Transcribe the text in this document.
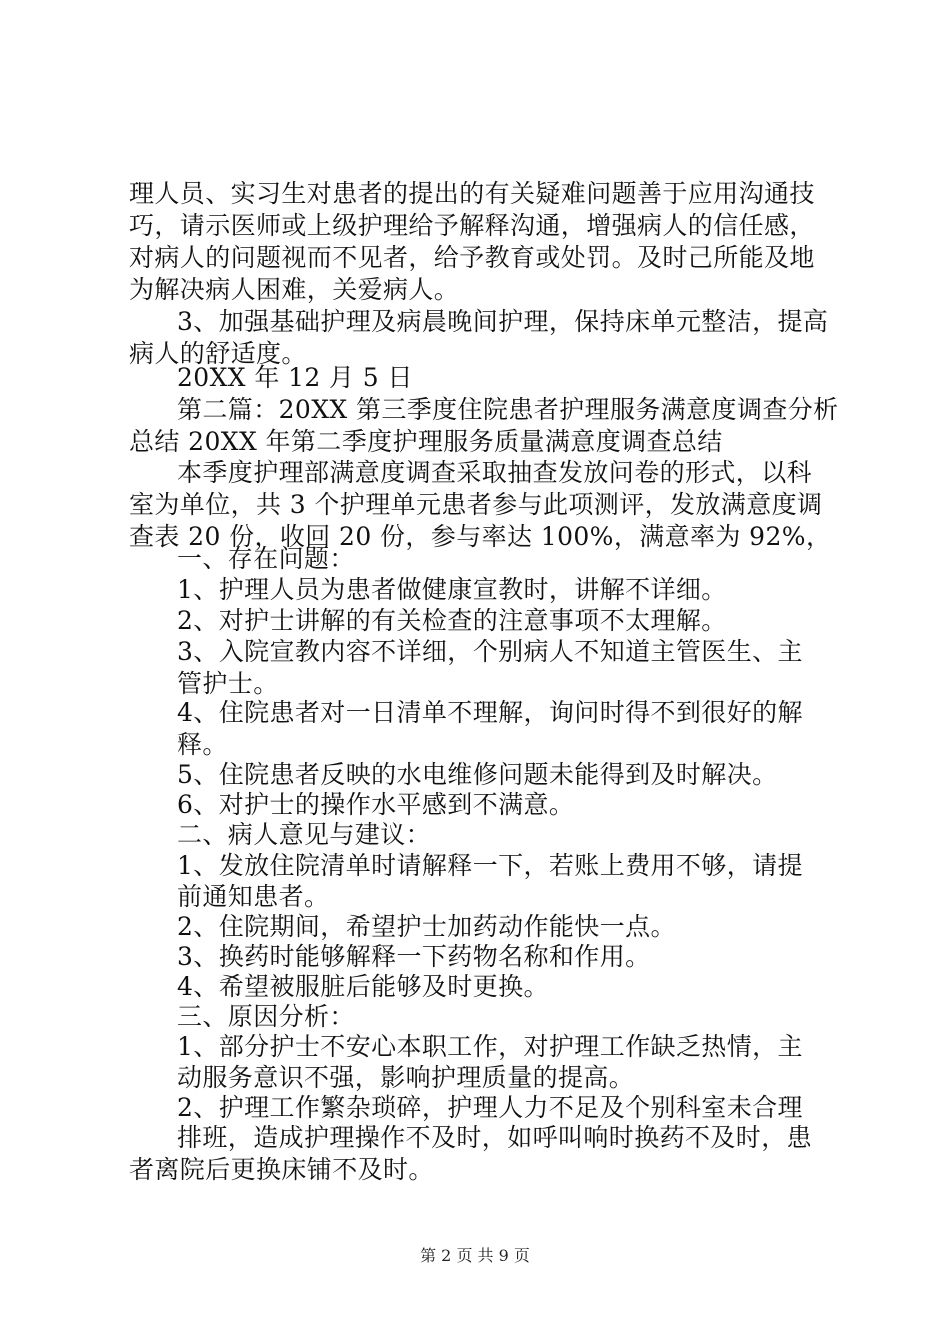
理人员、实习生对患者的提出的有关疑难问题善于应用沟通技
巧，请示医师或上级护理给予解释沟通，增强病人的信任感，
对病人的问题视而不见者，给予教育或处罚。及时己所能及地
为解决病人困难，关爱病人。
3、加强基础护理及病晨晚间护理，保持床单元整洁，提高
病人的舒适度。
20XX 年 12 月 5 日
第二篇：20XX 第三季度住院患者护理服务满意度调查分析
总结 20XX 年第二季度护理服务质量满意度调查总结
本季度护理部满意度调查采取抽查发放问卷的形式，以科
室为单位，共 3 个护理单元患者参与此项测评，发放满意度调
查表 20 份，收回 20 份，参与率达 100%，满意率为 92%，
一、存在问题：
1、护理人员为患者做健康宣教时，讲解不详细。
2、对护士讲解的有关检查的注意事项不太理解。
3、入院宣教内容不详细，个别病人不知道主管医生、主
管护士。
4、住院患者对一日清单不理解，询问时得不到很好的解
释。
5、住院患者反映的水电维修问题未能得到及时解决。
6、对护士的操作水平感到不满意。
二、病人意见与建议：
1、发放住院清单时请解释一下，若账上费用不够，请提
前通知患者。
2、住院期间，希望护士加药动作能快一点。
3、换药时能够解释一下药物名称和作用。
4、希望被服脏后能够及时更换。
三、原因分析：
1、部分护士不安心本职工作，对护理工作缺乏热情，主
动服务意识不强，影响护理质量的提高。
2、护理工作繁杂琐碎，护理人力不足及个别科室未合理
排班，造成护理操作不及时，如呼叫响时换药不及时，患
者离院后更换床铺不及时。
第 2 页 共 9 页
